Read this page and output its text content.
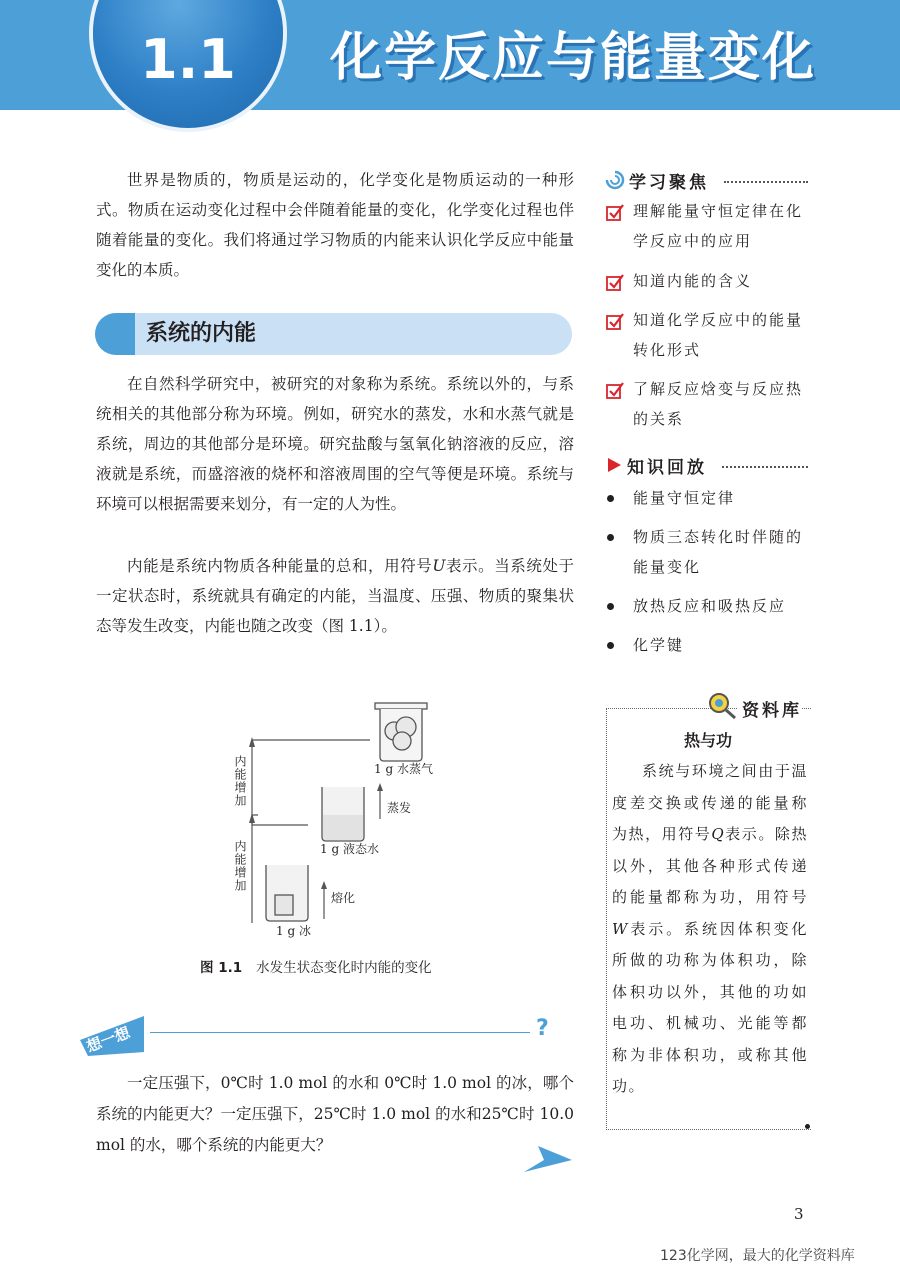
1.1	化学反应与能量变化

世界是物质的，物质是运动的，化学变化是物质运动的一种形式。物质在运动变化过程中会伴随着能量的变化，化学变化过程也伴随着能量的变化。我们将通过学习物质的内能来认识化学反应中能量变化的本质。

系统的内能

在自然科学研究中，被研究的对象称为系统。系统以外的，与系统相关的其他部分称为环境。例如，研究水的蒸发，水和水蒸气就是系统，周边的其他部分是环境。研究盐酸与氢氧化钠溶液的反应，溶液就是系统，而盛溶液的烧杯和溶液周围的空气等便是环境。系统与环境可以根据需要来划分，有一定的人为性。

内能是系统内物质各种能量的总和，用符号U表示。当系统处于一定状态时，系统就具有确定的内能，当温度、压强、物质的聚集状态等发生改变，内能也随之改变（图 1.1）。

1 g 水蒸气
1 g 液态水
1 g 冰
蒸发
熔化
内能增加
内能增加
图 1.1 水发生状态变化时内能的变化
想一想	?

一定压强下，0℃时 1.0 mol 的水和 0℃时 1.0 mol 的冰，哪个系统的内能更大？一定压强下，25℃时 1.0 mol 的水和25℃时 10.0 mol 的水，哪个系统的内能更大？

学习聚焦
理解能量守恒定律在化学反应中的应用
知道内能的含义
知道化学反应中的能量转化形式
了解反应焓变与反应热的关系
知识回放
能量守恒定律
物质三态转化时伴随的能量变化
放热反应和吸热反应
化学键
资料库
热与功

系统与环境之间由于温度差交换或传递的能量称为热，用符号Q表示。除热以外，其他各种形式传递的能量都称为功，用符号W表示。系统因体积变化所做的功称为体积功，除体积功以外，其他的功如电功、机械功、光能等都称为非体积功，或称其他功。

3
123化学网，最大的化学资料库
